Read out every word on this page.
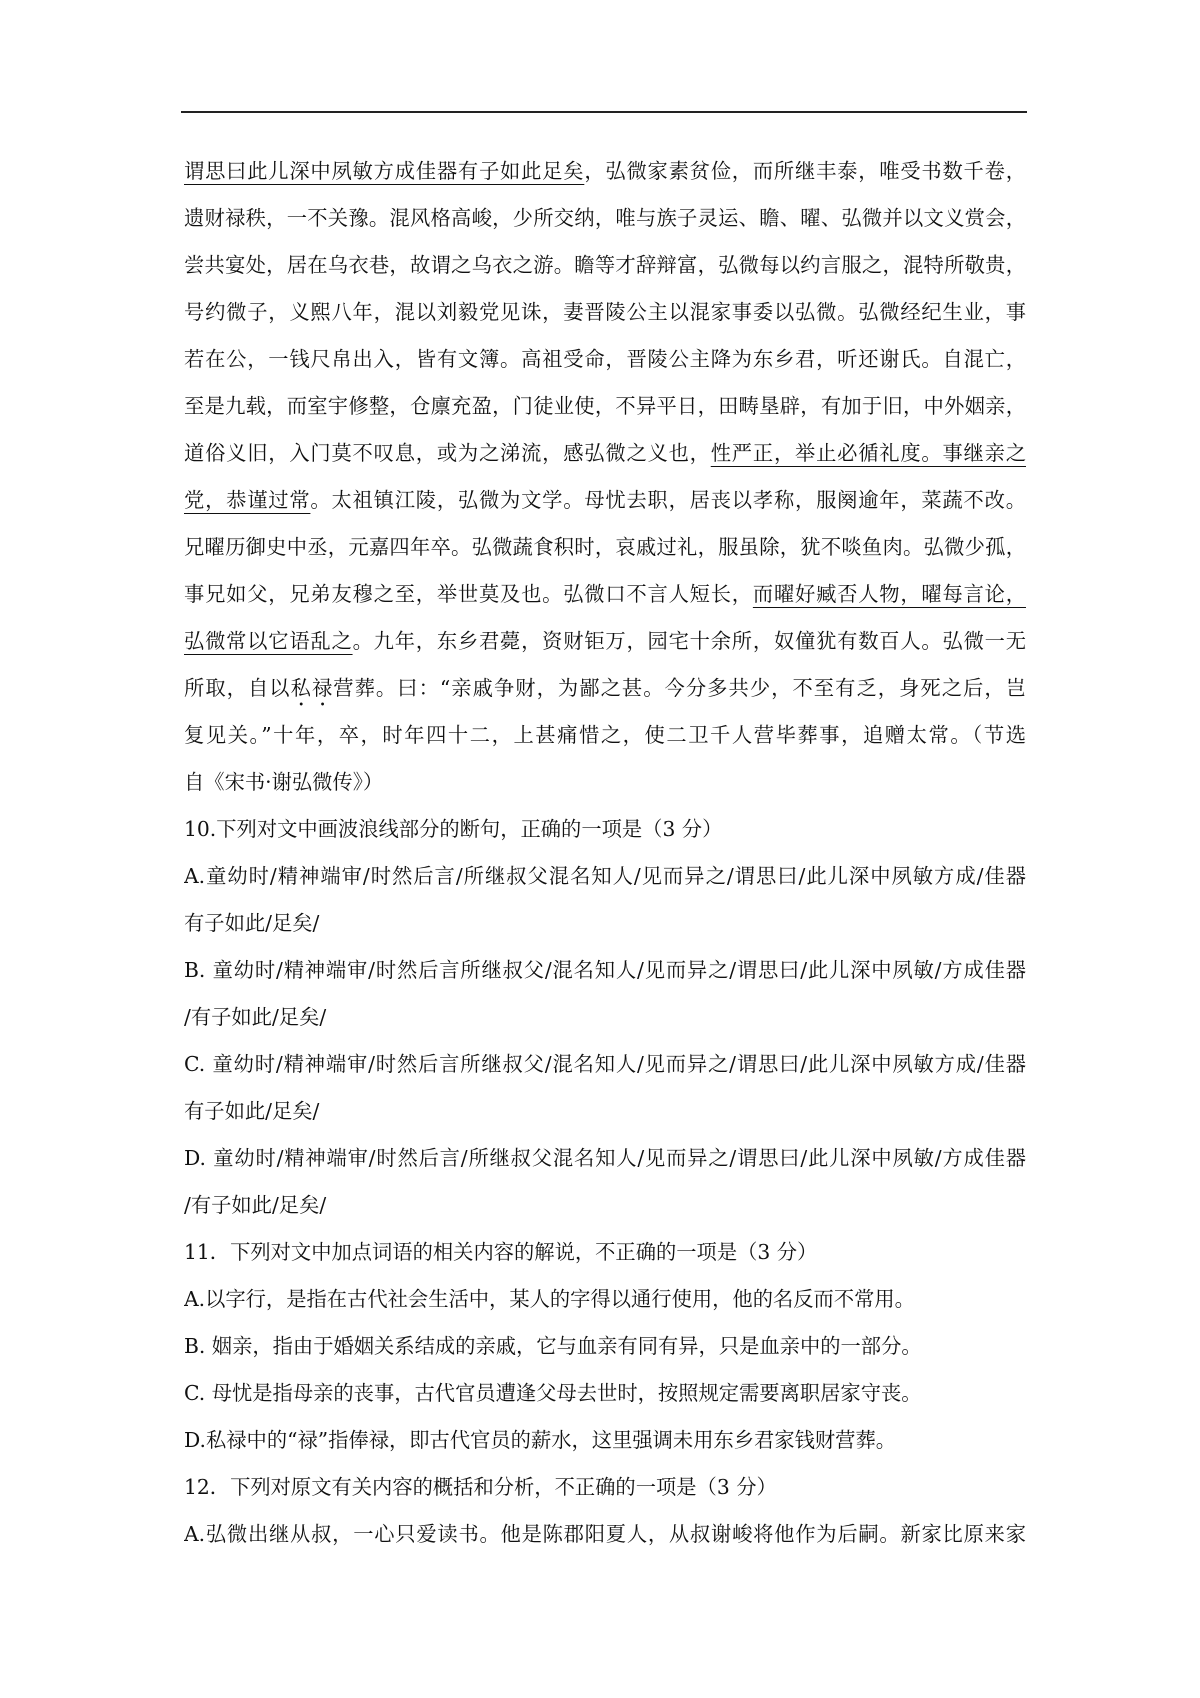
谓思曰此儿深中夙敏方成佳器有子如此足矣，弘微家素贫俭，而所继丰泰，唯受书数千卷，
遗财禄秩，一不关豫。混风格高峻，少所交纳，唯与族子灵运、瞻、曜、弘微并以文义赏会，
尝共宴处，居在乌衣巷，故谓之乌衣之游。瞻等才辞辩富，弘微每以约言服之，混特所敬贵，
号约微子，义熙八年，混以刘毅党见诛，妻晋陵公主以混家事委以弘微。弘微经纪生业，事
若在公，一钱尺帛出入，皆有文簿。高祖受命，晋陵公主降为东乡君，听还谢氏。自混亡，
至是九载，而室宇修整，仓廪充盈，门徒业使，不异平日，田畴垦辟，有加于旧，中外姻亲，
道俗义旧，入门莫不叹息，或为之涕流，感弘微之义也，性严正，举止必循礼度。事继亲之
党，恭谨过常。太祖镇江陵，弘微为文学。母忧去职，居丧以孝称，服阕逾年，菜蔬不改。
兄曜历御史中丞，元嘉四年卒。弘微蔬食积时，哀戚过礼，服虽除，犹不啖鱼肉。弘微少孤，
事兄如父，兄弟友穆之至，举世莫及也。弘微口不言人短长，而曜好臧否人物，曜每言论，
弘微常以它语乱之。九年，东乡君薨，资财钜万，园宅十余所，奴僮犹有数百人。弘微一无
所取，自以私禄营葬。曰：“亲戚争财，为鄙之甚。今分多共少，不至有乏，身死之后，岂
复见关。”十年，卒，时年四十二，上甚痛惜之，使二卫千人营毕葬事，追赠太常。（节选
自《宋书·谢弘微传》）
10.下列对文中画波浪线部分的断句，正确的一项是（3 分）
A.童幼时/精神端审/时然后言/所继叔父混名知人/见而异之/谓思曰/此儿深中夙敏方成/佳器
有子如此/足矣/
B. 童幼时/精神端审/时然后言所继叔父/混名知人/见而异之/谓思曰/此儿深中夙敏/方成佳器
/有子如此/足矣/
C. 童幼时/精神端审/时然后言所继叔父/混名知人/见而异之/谓思曰/此儿深中夙敏方成/佳器
有子如此/足矣/
D. 童幼时/精神端审/时然后言/所继叔父混名知人/见而异之/谓思曰/此儿深中夙敏/方成佳器
/有子如此/足矣/
11．下列对文中加点词语的相关内容的解说，不正确的一项是（3 分）
A.以字行，是指在古代社会生活中，某人的字得以通行使用，他的名反而不常用。
B. 姻亲，指由于婚姻关系结成的亲戚，它与血亲有同有异，只是血亲中的一部分。
C. 母忧是指母亲的丧事，古代官员遭逢父母去世时，按照规定需要离职居家守丧。
D.私禄中的“禄”指俸禄，即古代官员的薪水，这里强调未用东乡君家钱财营葬。
12．下列对原文有关内容的概括和分析，不正确的一项是（3 分）
A.弘微出继从叔，一心只爱读书。他是陈郡阳夏人，从叔谢峻将他作为后嗣。新家比原来家
